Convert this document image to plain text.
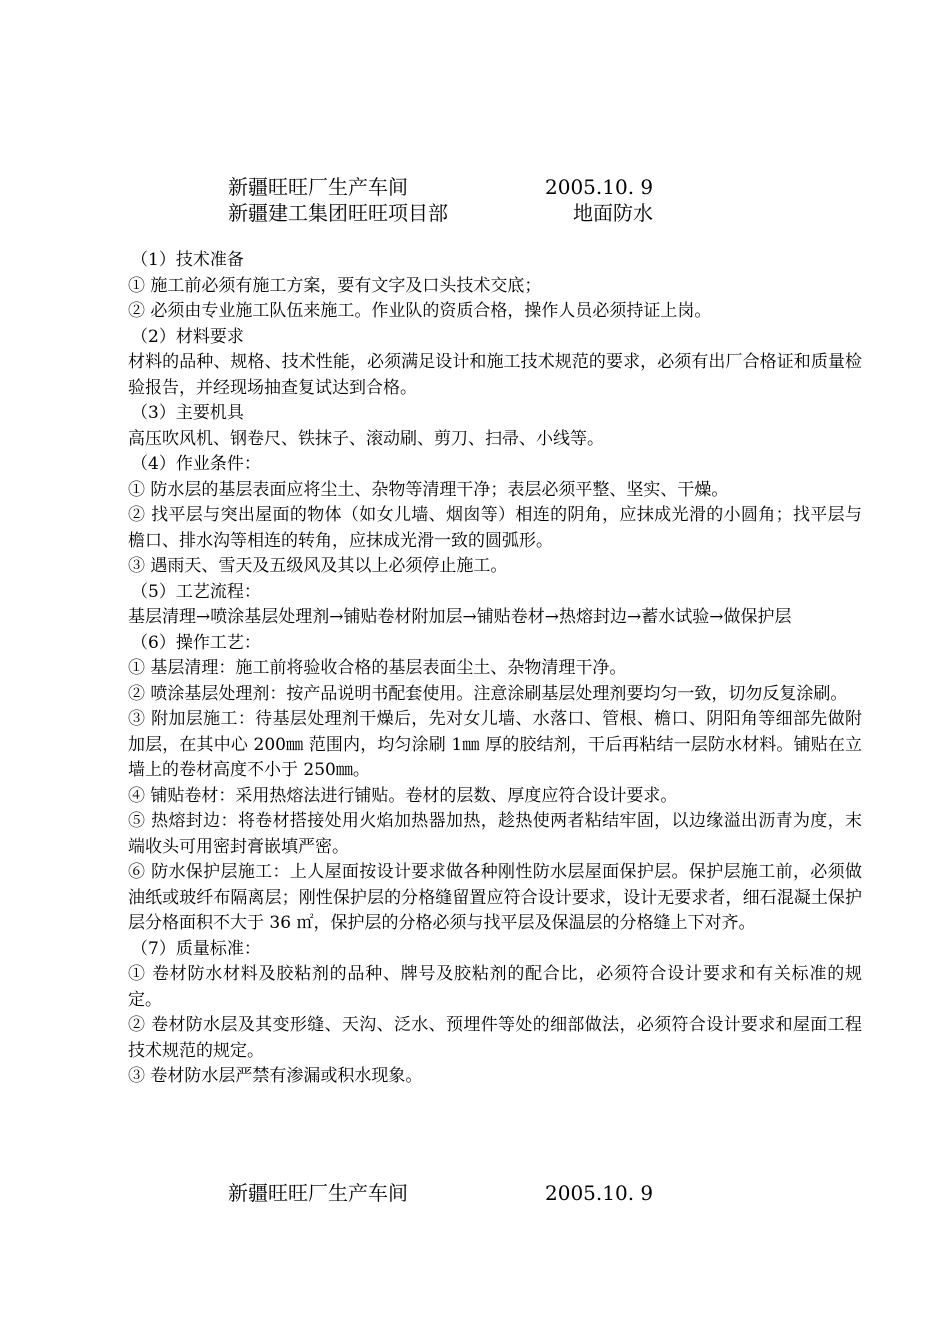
新疆旺旺厂生产车间	2005.10. 9
新疆建工集团旺旺项目部	地面防水

（1）技术准备

① 施工前必须有施工方案，要有文字及口头技术交底；

② 必须由专业施工队伍来施工。作业队的资质合格，操作人员必须持证上岗。

（2）材料要求

材料的品种、规格、技术性能，必须满足设计和施工技术规范的要求，必须有出厂合格证和质量检验报告，并经现场抽查复试达到合格。

（3）主要机具

高压吹风机、钢卷尺、铁抹子、滚动刷、剪刀、扫帚、小线等。

（4）作业条件：

① 防水层的基层表面应将尘土、杂物等清理干净；表层必须平整、坚实、干燥。

② 找平层与突出屋面的物体（如女儿墙、烟囱等）相连的阴角，应抹成光滑的小圆角；找平层与檐口、排水沟等相连的转角，应抹成光滑一致的圆弧形。

③ 遇雨天、雪天及五级风及其以上必须停止施工。

（5）工艺流程：

基层清理→喷涂基层处理剂→铺贴卷材附加层→铺贴卷材→热熔封边→蓄水试验→做保护层

（6）操作工艺：

① 基层清理：施工前将验收合格的基层表面尘土、杂物清理干净。

② 喷涂基层处理剂：按产品说明书配套使用。注意涂刷基层处理剂要均匀一致，切勿反复涂刷。

③ 附加层施工：待基层处理剂干燥后，先对女儿墙、水落口、管根、檐口、阴阳角等细部先做附加层，在其中心 200㎜ 范围内，均匀涂刷 1㎜ 厚的胶结剂，干后再粘结一层防水材料。铺贴在立墙上的卷材高度不小于 250㎜。

④ 铺贴卷材：采用热熔法进行铺贴。卷材的层数、厚度应符合设计要求。

⑤ 热熔封边：将卷材搭接处用火焰加热器加热，趁热使两者粘结牢固，以边缘溢出沥青为度，末端收头可用密封膏嵌填严密。

⑥ 防水保护层施工：上人屋面按设计要求做各种刚性防水层屋面保护层。保护层施工前，必须做油纸或玻纤布隔离层；刚性保护层的分格缝留置应符合设计要求，设计无要求者，细石混凝土保护层分格面积不大于 36 ㎡，保护层的分格必须与找平层及保温层的分格缝上下对齐。

（7）质量标准：

① 卷材防水材料及胶粘剂的品种、牌号及胶粘剂的配合比，必须符合设计要求和有关标准的规定。

② 卷材防水层及其变形缝、天沟、泛水、预埋件等处的细部做法，必须符合设计要求和屋面工程技术规范的规定。

③ 卷材防水层严禁有渗漏或积水现象。

新疆旺旺厂生产车间	2005.10. 9
